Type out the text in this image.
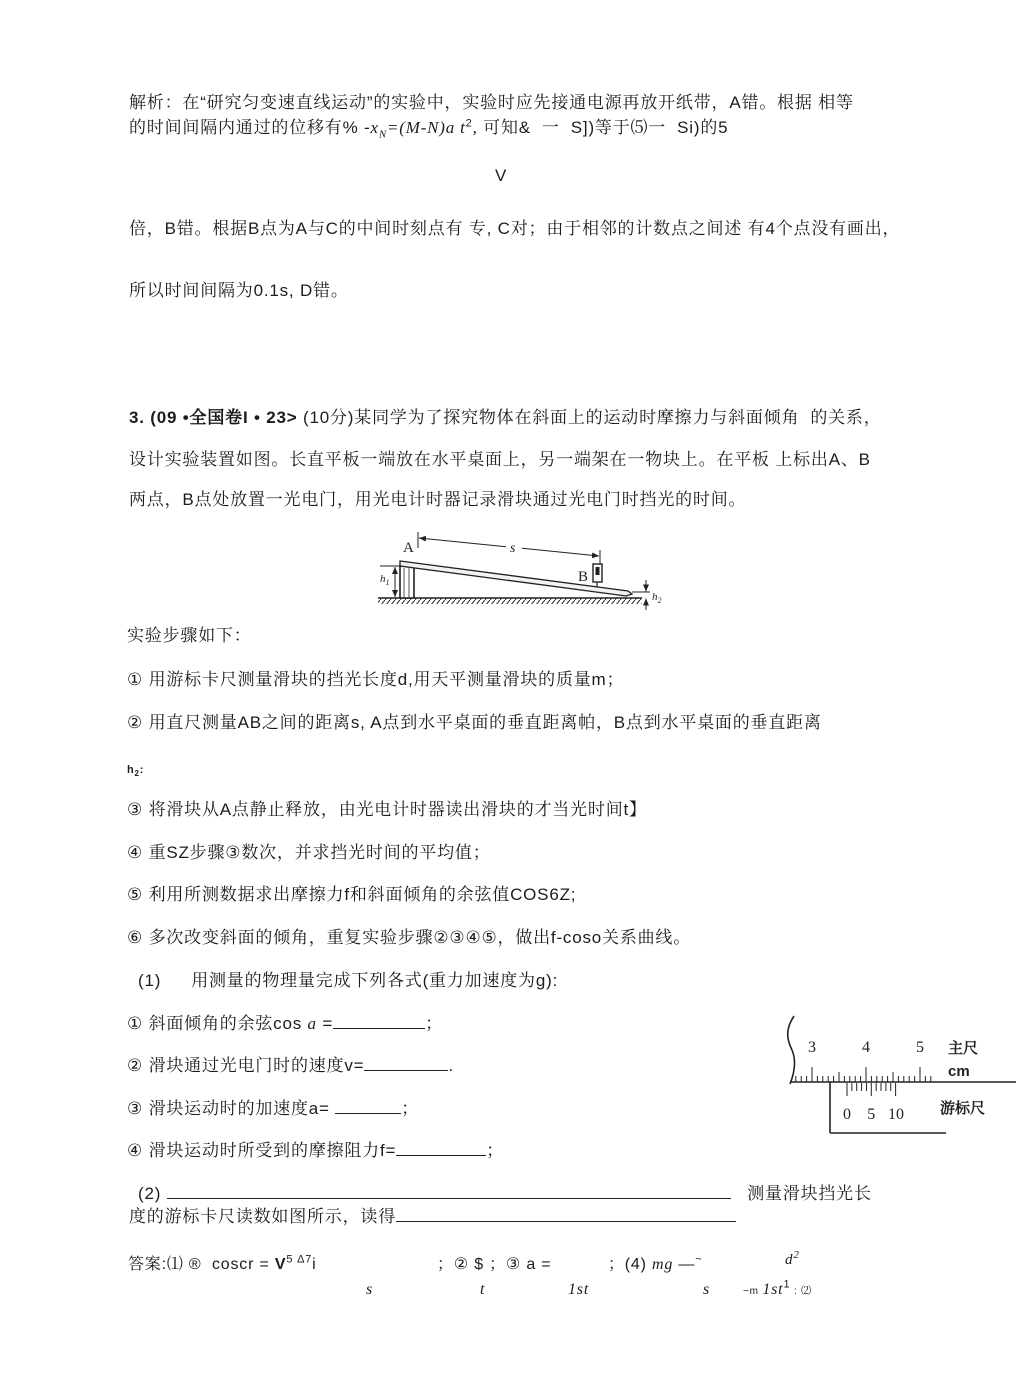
解析：在“研究匀变速直线运动”的实验中，实验时应先接通电源再放开纸带，A错。根据 相等
的时间间隔内通过的位移有% $-x_N=(M-N)a$ $t^2$, 可知&  一  S])等于⑸一  Si)的5
V
倍，B错。根据B点为A与C的中间时刻点有 专, C对；由于相邻的计数点之间述 有4个点没有画出，
所以时间间隔为0.1s, D错。
3. (09 •全国卷I • 23> (10分)某同学为了探究物体在斜面上的运动时摩擦力与斜面倾角  的关系，
设计实验装置如图。长直平板一端放在水平桌面上，另一端架在一物块上。在平板 上标出A、B
两点，B点处放置一光电门，用光电计时器记录滑块通过光电门时挡光的时间。
A
B
s
$h_1$
$h_2$
实验步骤如下：
① 用游标卡尺测量滑块的挡光长度d,用天平测量滑块的质量m；
② 用直尺测量AB之间的距离s, A点到水平桌面的垂直距离帕，B点到水平桌面的垂直距离
$h_2$:
③ 将滑块从A点静止释放，由光电计时器读出滑块的才当光时间t】
④ 重SZ步骤③数次，并求挡光时间的平均值；
⑤ 利用所测数据求出摩擦力f和斜面倾角的余弦值COS6Z;
⑥ 多次改变斜面的倾角，重复实验步骤②③④⑤，做出f-coso关系曲线。
(1) 用测量的物理量完成下列各式(重力加速度为g):
① 斜面倾角的余弦cos a =	；
② 滑块通过光电门时的速度v=	.
③ 滑块运动时的加速度a=	；
④ 滑块运动时所受到的摩擦阻力f=	；
3	4	5 主尺
cm
0 5 10 游标尺
(2)	测量滑块挡光长
度的游标卡尺读数如图所示，读得
答案:⑴ ®  coscr = $V^{5 \Delta 7}i$	；② $ ；③ a =	；(4) mg —~	$d^2$
s	t	1st	s	~m $1st^1$ : ⑵
